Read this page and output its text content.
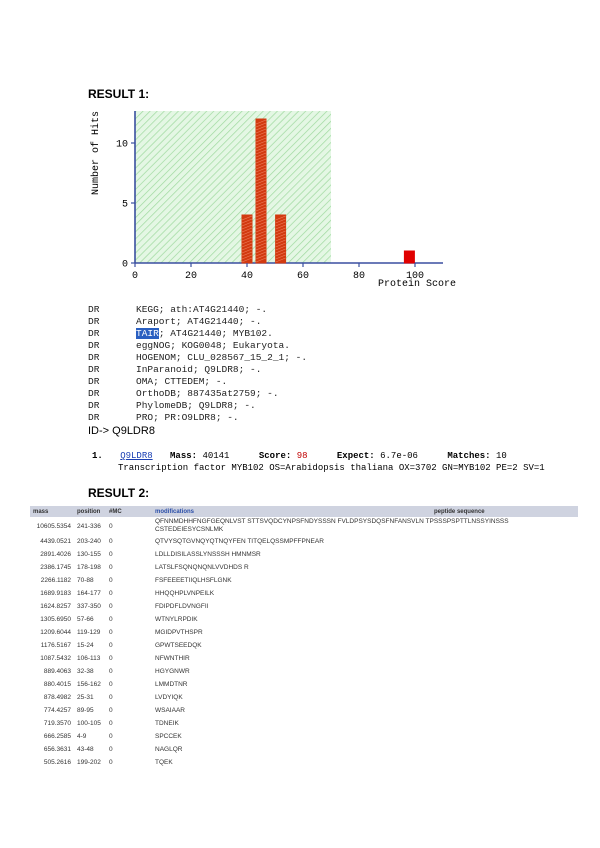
RESULT 1:
0	20	40	60	80	100
0
5
10
Number of Hits
Protein Score
DR	KEGG; ath:AT4G21440; -.
DR	Araport; AT4G21440; -.
DR	TAIR; AT4G21440; MYB102.
DR	eggNOG; KOG0048; Eukaryota.
DR	HOGENOM; CLU_028567_15_2_1; -.
DR	InParanoid; Q9LDR8; -.
DR	OMA; CTTEDEM; -.
DR	OrthoDB; 887435at2759; -.
DR	PhylomeDB; Q9LDR8; -.
DR	PRO; PR:O9LDR8; -.
ID-> Q9LDR8
1. Q9LDR8 Mass: 40141	Score: 98	Expect: 6.7e-06	Matches: 10
Transcription factor MYB102 OS=Arabidopsis thaliana OX=3702 GN=MYB102 PE=2 SV=1
RESULT 2:
mass	position	#MC	modifications	peptide sequence
10605.5354	241-336	0	QFNNMDHHFNGFGEQNLVST STTSVQDCYNPSFNDYSSSN FVLDPSYSDQSFNFANSVLN TPSSSPSPTTLNSSYINSSS CSTEDEIESYCSNLMK	
4439.0521	203-240	0	QTVYSQTGVNQYQTNQYFEN TITQELQSSMPFFPNEAR	
2891.4026	130-155	0	LDLLDISILASSLYNSSSH HMNMSR	
2386.1745	178-198	0	LATSLFSQNQNQNLVVDHDS R	
2266.1182	70-88	0	FSFEEEETIIQLHSFLGNK	
1689.9183	164-177	0	HHQQHPLVNPEILK	
1624.8257	337-350	0	FDIPDFLDVNGFII	
1305.6950	57-66	0	WTNYLRPDIK	
1209.6044	119-129	0	MGIDPVTHSPR	
1176.5167	15-24	0	GPWTSEEDQK	
1087.5432	106-113	0	NFWNTHIR	
889.4063	32-38	0	HGYGNWR	
880.4015	156-162	0	LMMDTNR	
878.4982	25-31	0	LVDYIQK	
774.4257	89-95	0	WSAIAAR	
719.3570	100-105	0	TDNEIK	
666.2585	4-9	0	SPCCEK	
656.3631	43-48	0	NAGLQR	
505.2616	199-202	0	TQEK	
